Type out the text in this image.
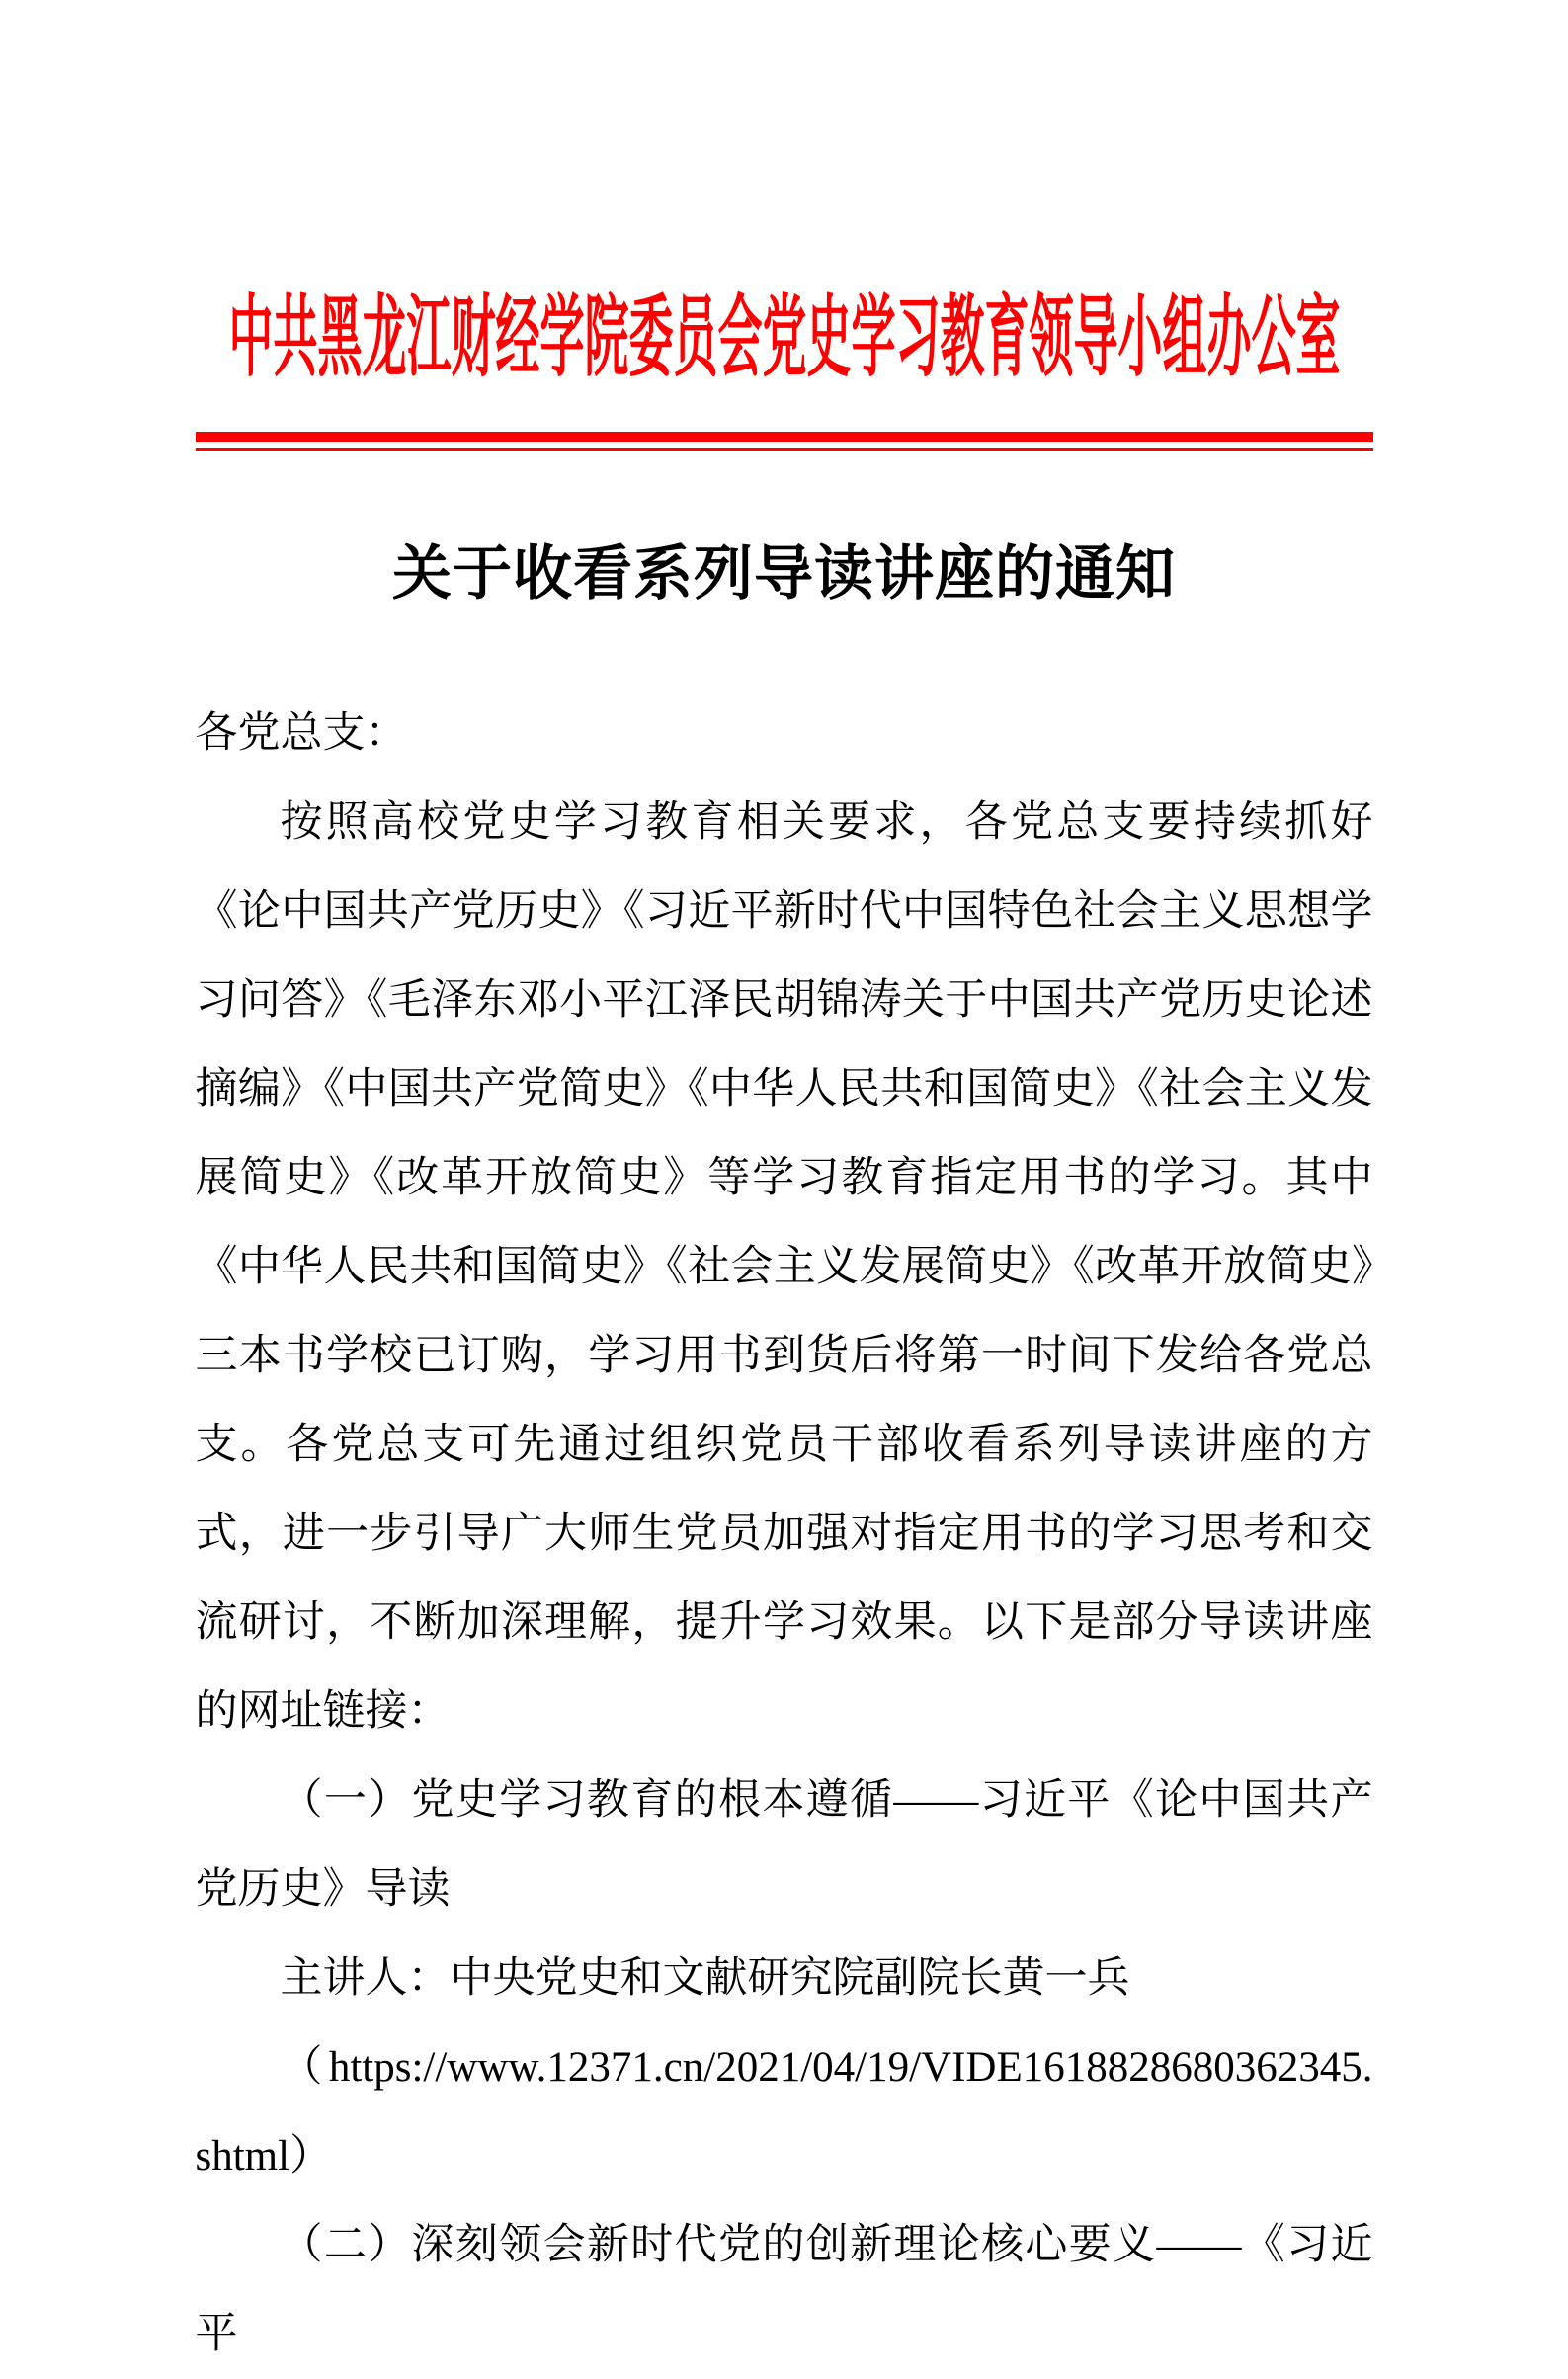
中共黑龙江财经学院委员会党史学习教育领导小组办公室
关于收看系列导读讲座的通知

各党总支：

按照高校党史学习教育相关要求，各党总支要持续抓好《论中国共产党历史》《习近平新时代中国特色社会主义思想学习问答》《毛泽东邓小平江泽民胡锦涛关于中国共产党历史论述摘编》《中国共产党简史》《中华人民共和国简史》《社会主义发展简史》《改革开放简史》等学习教育指定用书的学习。其中《中华人民共和国简史》《社会主义发展简史》《改革开放简史》三本书学校已订购，学习用书到货后将第一时间下发给各党总支。各党总支可先通过组织党员干部收看系列导读讲座的方式，进一步引导广大师生党员加强对指定用书的学习思考和交流研讨，不断加深理解，提升学习效果。以下是部分导读讲座的网址链接：

（一）党史学习教育的根本遵循——习近平《论中国共产党历史》导读

主讲人：中央党史和文献研究院副院长黄一兵

（https://www.12371.cn/2021/04/19/VIDE1618828680362345.shtml）

（二）深刻领会新时代党的创新理论核心要义——《习近平
